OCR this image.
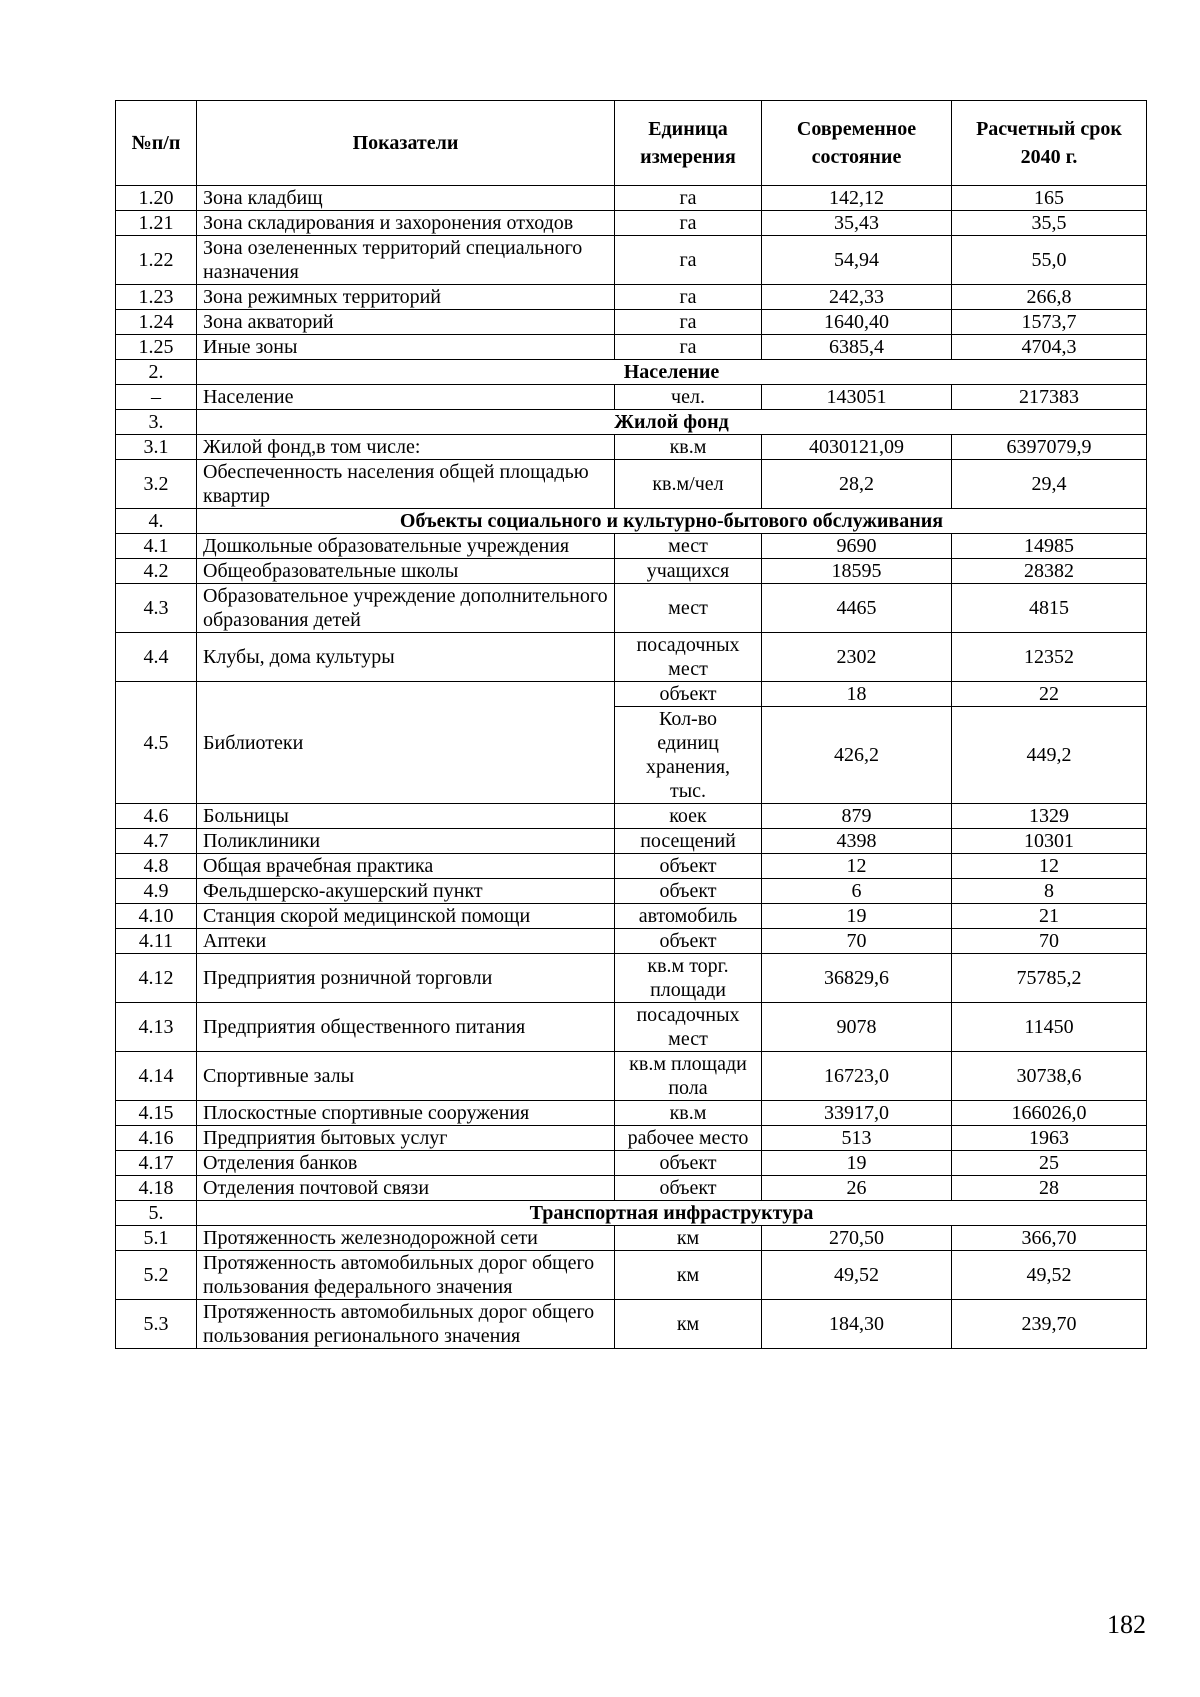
№п/п	Показатели	Единица измерения	Современное состояние	Расчетный срок 2040 г.
1.20	Зона кладбищ	га	142,12	165
1.21	Зона складирования и захоронения отходов	га	35,43	35,5
1.22	Зона озелененных территорий специального назначения	га	54,94	55,0
1.23	Зона режимных территорий	га	242,33	266,8
1.24	Зона акваторий	га	1640,40	1573,7
1.25	Иные зоны	га	6385,4	4704,3
2.	Население			
–	Население	чел.	143051	217383
3.	Жилой фонд			
3.1	Жилой фонд,в том числе:	кв.м	4030121,09	6397079,9
3.2	Обеспеченность населения общей площадью квартир	кв.м/чел	28,2	29,4
4.	Объекты социального и культурно-бытового обслуживания			
4.1	Дошкольные образовательные учреждения	мест	9690	14985
4.2	Общеобразовательные школы	учащихся	18595	28382
4.3	Образовательное учреждение дополнительного образования детей	мест	4465	4815
4.4	Клубы, дома культуры	посадочных мест	2302	12352
4.5	Библиотеки	объект	18	22
		Кол-во единиц хранения, тыс.	426,2	449,2
4.6	Больницы	коек	879	1329
4.7	Поликлиники	посещений	4398	10301
4.8	Общая врачебная практика	объект	12	12
4.9	Фельдшерско-акушерский пункт	объект	6	8
4.10	Станция скорой медицинской помощи	автомобиль	19	21
4.11	Аптеки	объект	70	70
4.12	Предприятия розничной торговли	кв.м торг. площади	36829,6	75785,2
4.13	Предприятия общественного питания	посадочных мест	9078	11450
4.14	Спортивные залы	кв.м площади пола	16723,0	30738,6
4.15	Плоскостные спортивные сооружения	кв.м	33917,0	166026,0
4.16	Предприятия бытовых услуг	рабочее место	513	1963
4.17	Отделения банков	объект	19	25
4.18	Отделения почтовой связи	объект	26	28
5.	Транспортная инфраструктура			
5.1	Протяженность железнодорожной сети	км	270,50	366,70
5.2	Протяженность автомобильных дорог общего пользования федерального значения	км	49,52	49,52
5.3	Протяженность автомобильных дорог общего пользования регионального значения	км	184,30	239,70
182
